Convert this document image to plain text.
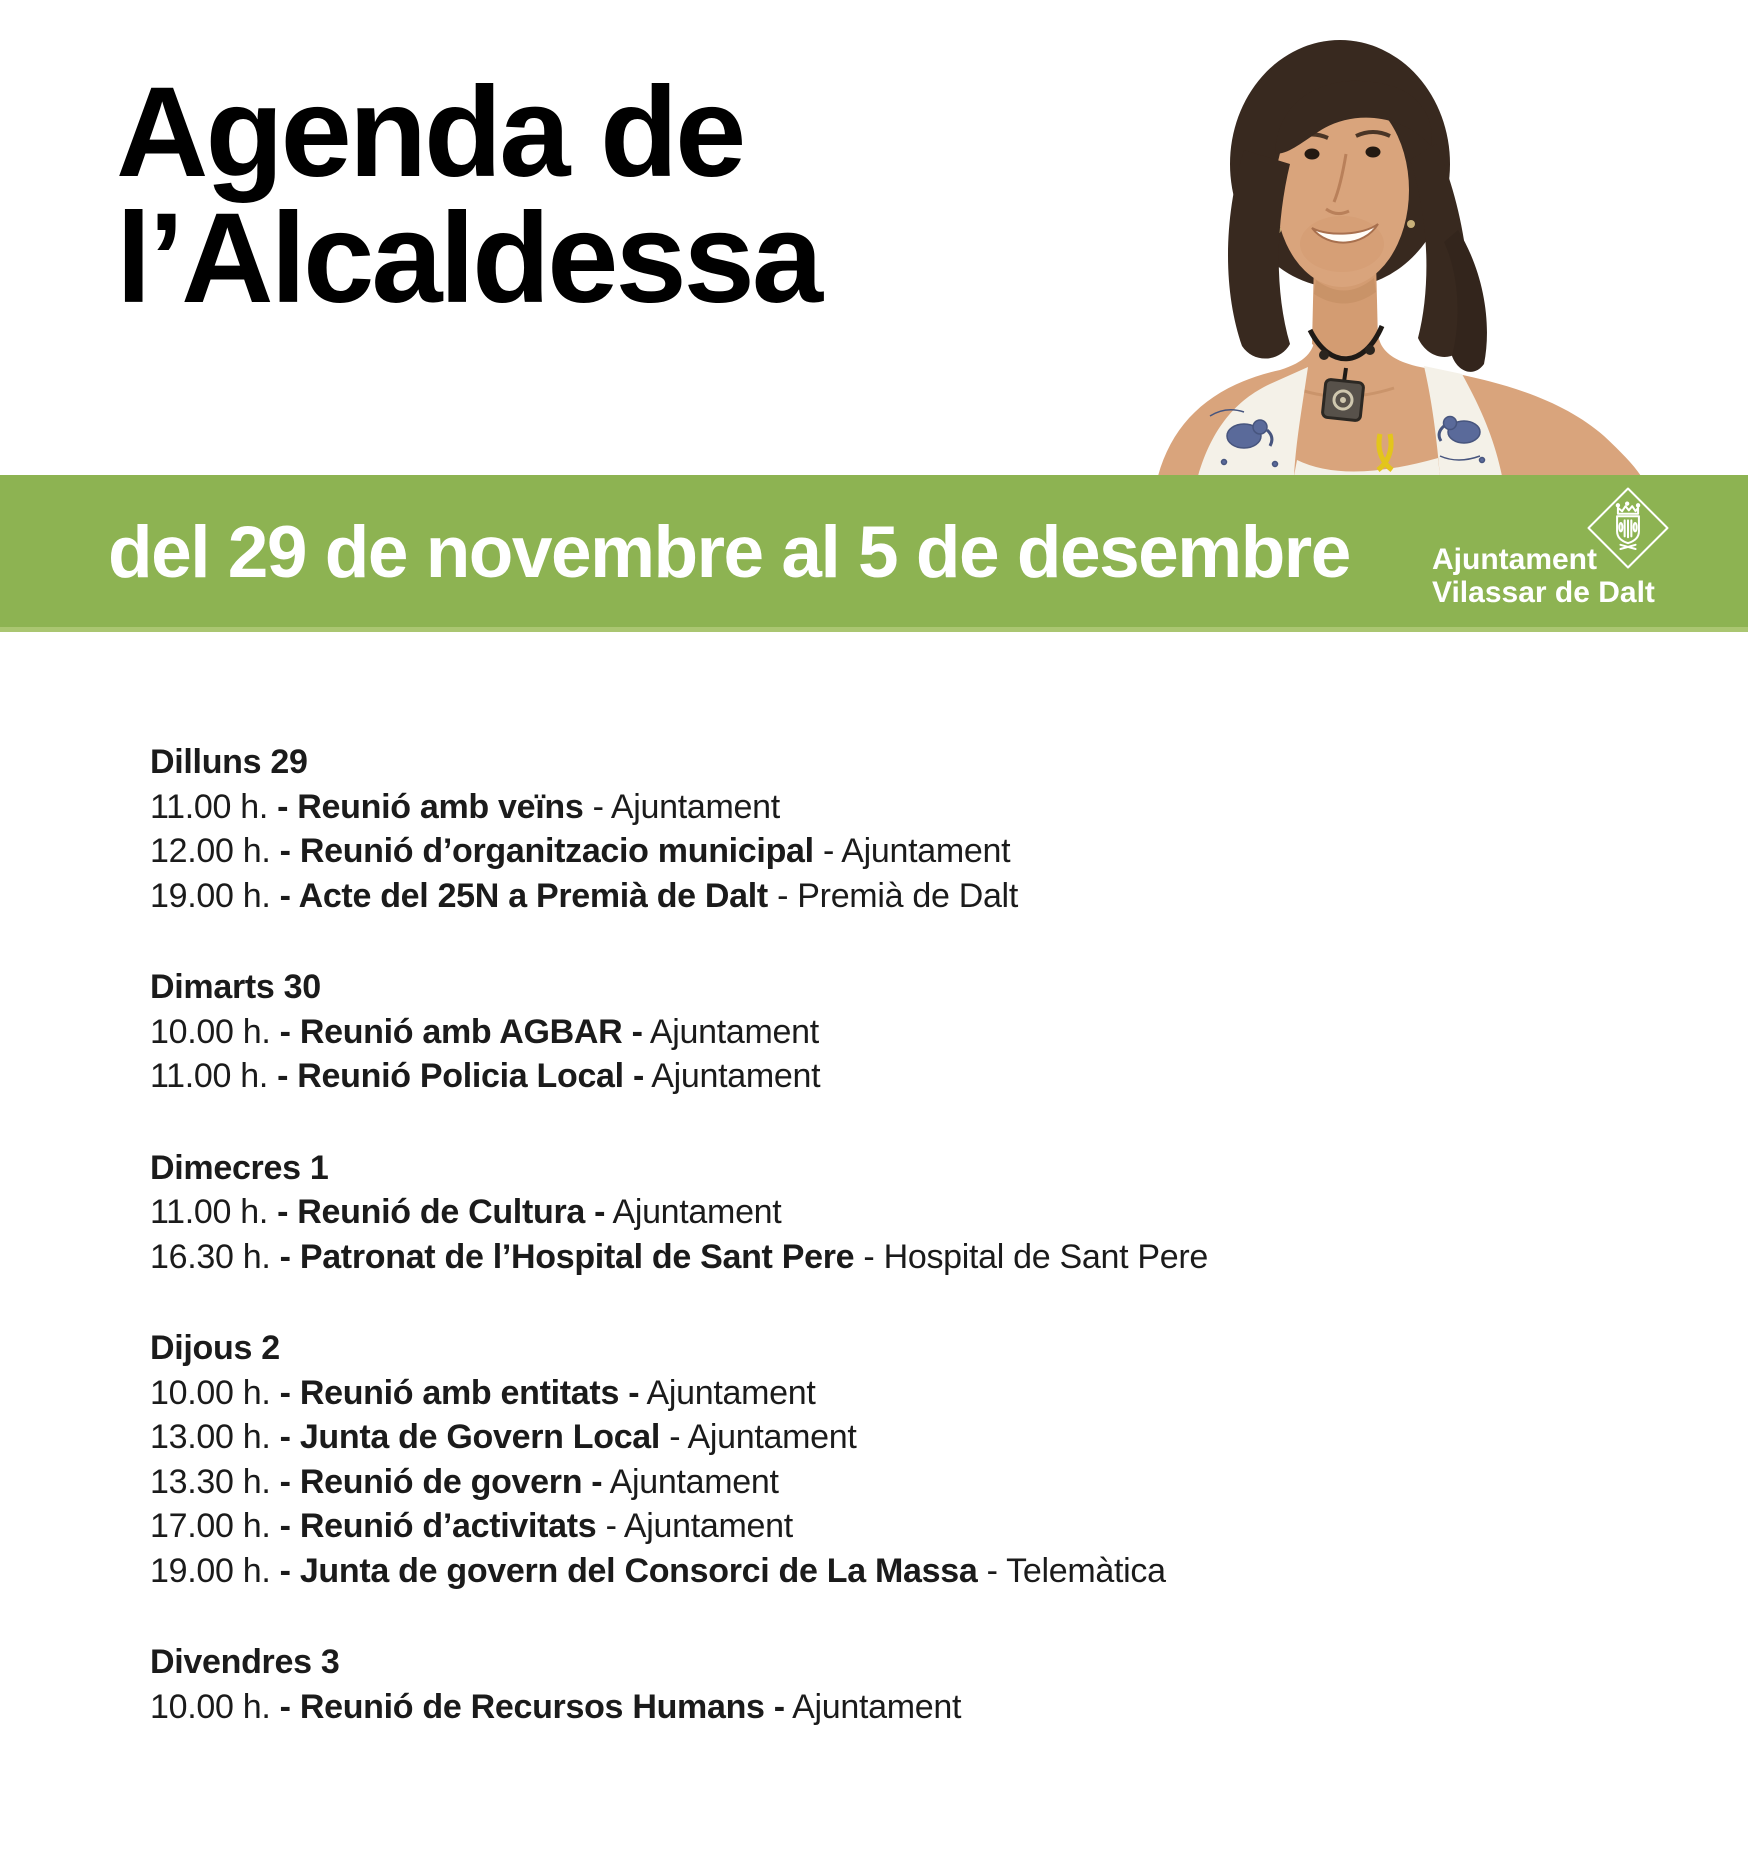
Agenda de
l’Alcaldessa
del 29 de novembre al 5 de desembre	Ajuntament
Vilassar de Dalt
Dilluns 29
11.00 h. - Reunió amb veïns - Ajuntament
12.00 h. - Reunió d’organitzacio municipal - Ajuntament
19.00 h. - Acte del 25N a Premià de Dalt - Premià de Dalt
Dimarts 30
10.00 h. - Reunió amb AGBAR - Ajuntament
11.00 h. - Reunió Policia Local - Ajuntament
Dimecres 1
11.00 h. - Reunió de Cultura - Ajuntament
16.30 h. - Patronat de l’Hospital de Sant Pere - Hospital de Sant Pere
Dijous 2
10.00 h. - Reunió amb entitats - Ajuntament
13.00 h. - Junta de Govern Local - Ajuntament
13.30 h. - Reunió de govern - Ajuntament
17.00 h. - Reunió d’activitats - Ajuntament
19.00 h. - Junta de govern del Consorci de La Massa - Telemàtica
Divendres 3
10.00 h. - Reunió de Recursos Humans - Ajuntament
